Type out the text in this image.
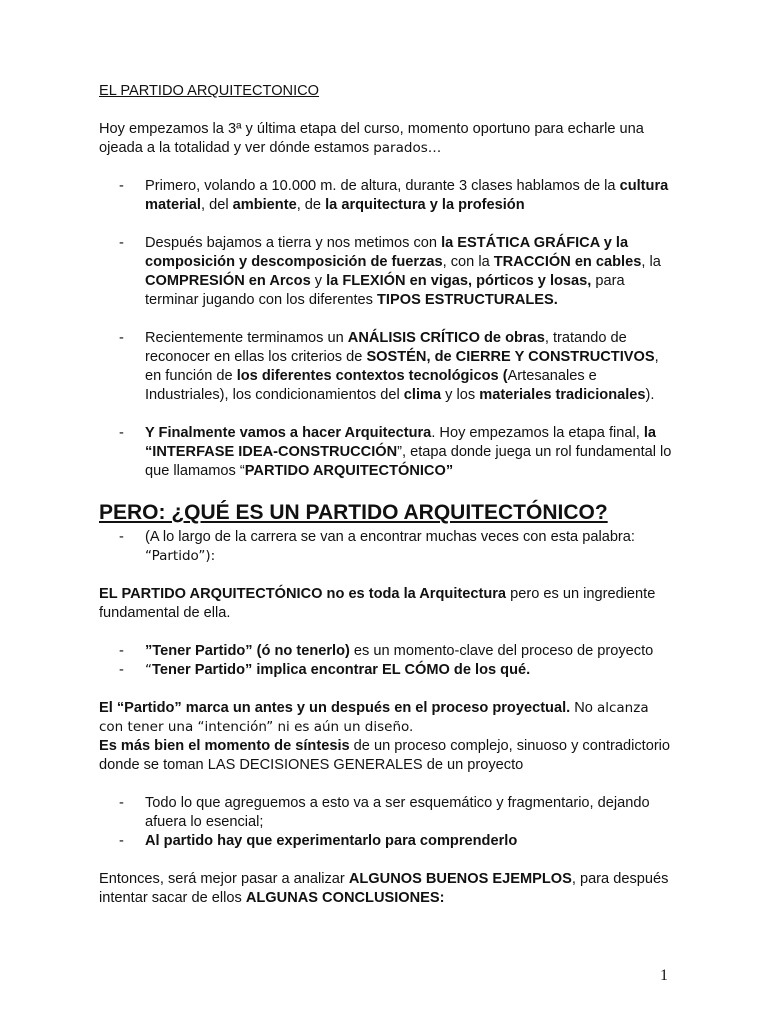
EL PARTIDO ARQUITECTONICO

Hoy empezamos la 3ª y última etapa del curso, momento oportuno para echarle una ojeada a la totalidad y ver dónde estamos parados…

- Primero, volando a 10.000 m. de altura, durante 3 clases hablamos de la cultura material, del ambiente, de la arquitectura y la profesión
- Después bajamos a tierra y nos metimos con la ESTÁTICA GRÁFICA y la composición y descomposición de fuerzas, con la TRACCIÓN en cables, la COMPRESIÓN en Arcos y la FLEXIÓN en vigas, pórticos y losas, para terminar jugando con los diferentes TIPOS ESTRUCTURALES.
- Recientemente terminamos un ANÁLISIS CRÍTICO de obras, tratando de reconocer en ellas los criterios de SOSTÉN, de CIERRE Y CONSTRUCTIVOS, en función de los diferentes contextos tecnológicos (Artesanales e Industriales), los condicionamientos del clima y los materiales tradicionales).
- Y Finalmente vamos a hacer Arquitectura. Hoy empezamos la etapa final, la “INTERFASE IDEA-CONSTRUCCIÓN”, etapa donde juega un rol fundamental lo que llamamos “PARTIDO ARQUITECTÓNICO”
PERO: ¿QUÉ ES UN PARTIDO ARQUITECTÓNICO?
- (A lo largo de la carrera se van a encontrar muchas veces con esta palabra: “Partido”):

EL PARTIDO ARQUITECTÓNICO no es toda la Arquitectura pero es un ingrediente fundamental de ella.

- ”Tener Partido” (ó no tenerlo) es un momento-clave del proceso de proyecto
- “Tener Partido” implica encontrar EL CÓMO de los qué.

El “Partido” marca un antes y un después en el proceso proyectual. No alcanza con tener una “intención” ni es aún un diseño.
Es más bien el momento de síntesis de un proceso complejo, sinuoso y contradictorio donde se toman LAS DECISIONES GENERALES de un proyecto

- Todo lo que agreguemos a esto va a ser esquemático y fragmentario, dejando afuera lo esencial;
- Al partido hay que experimentarlo para comprenderlo

Entonces, será mejor pasar a analizar ALGUNOS BUENOS EJEMPLOS, para después intentar sacar de ellos ALGUNAS CONCLUSIONES:

1
